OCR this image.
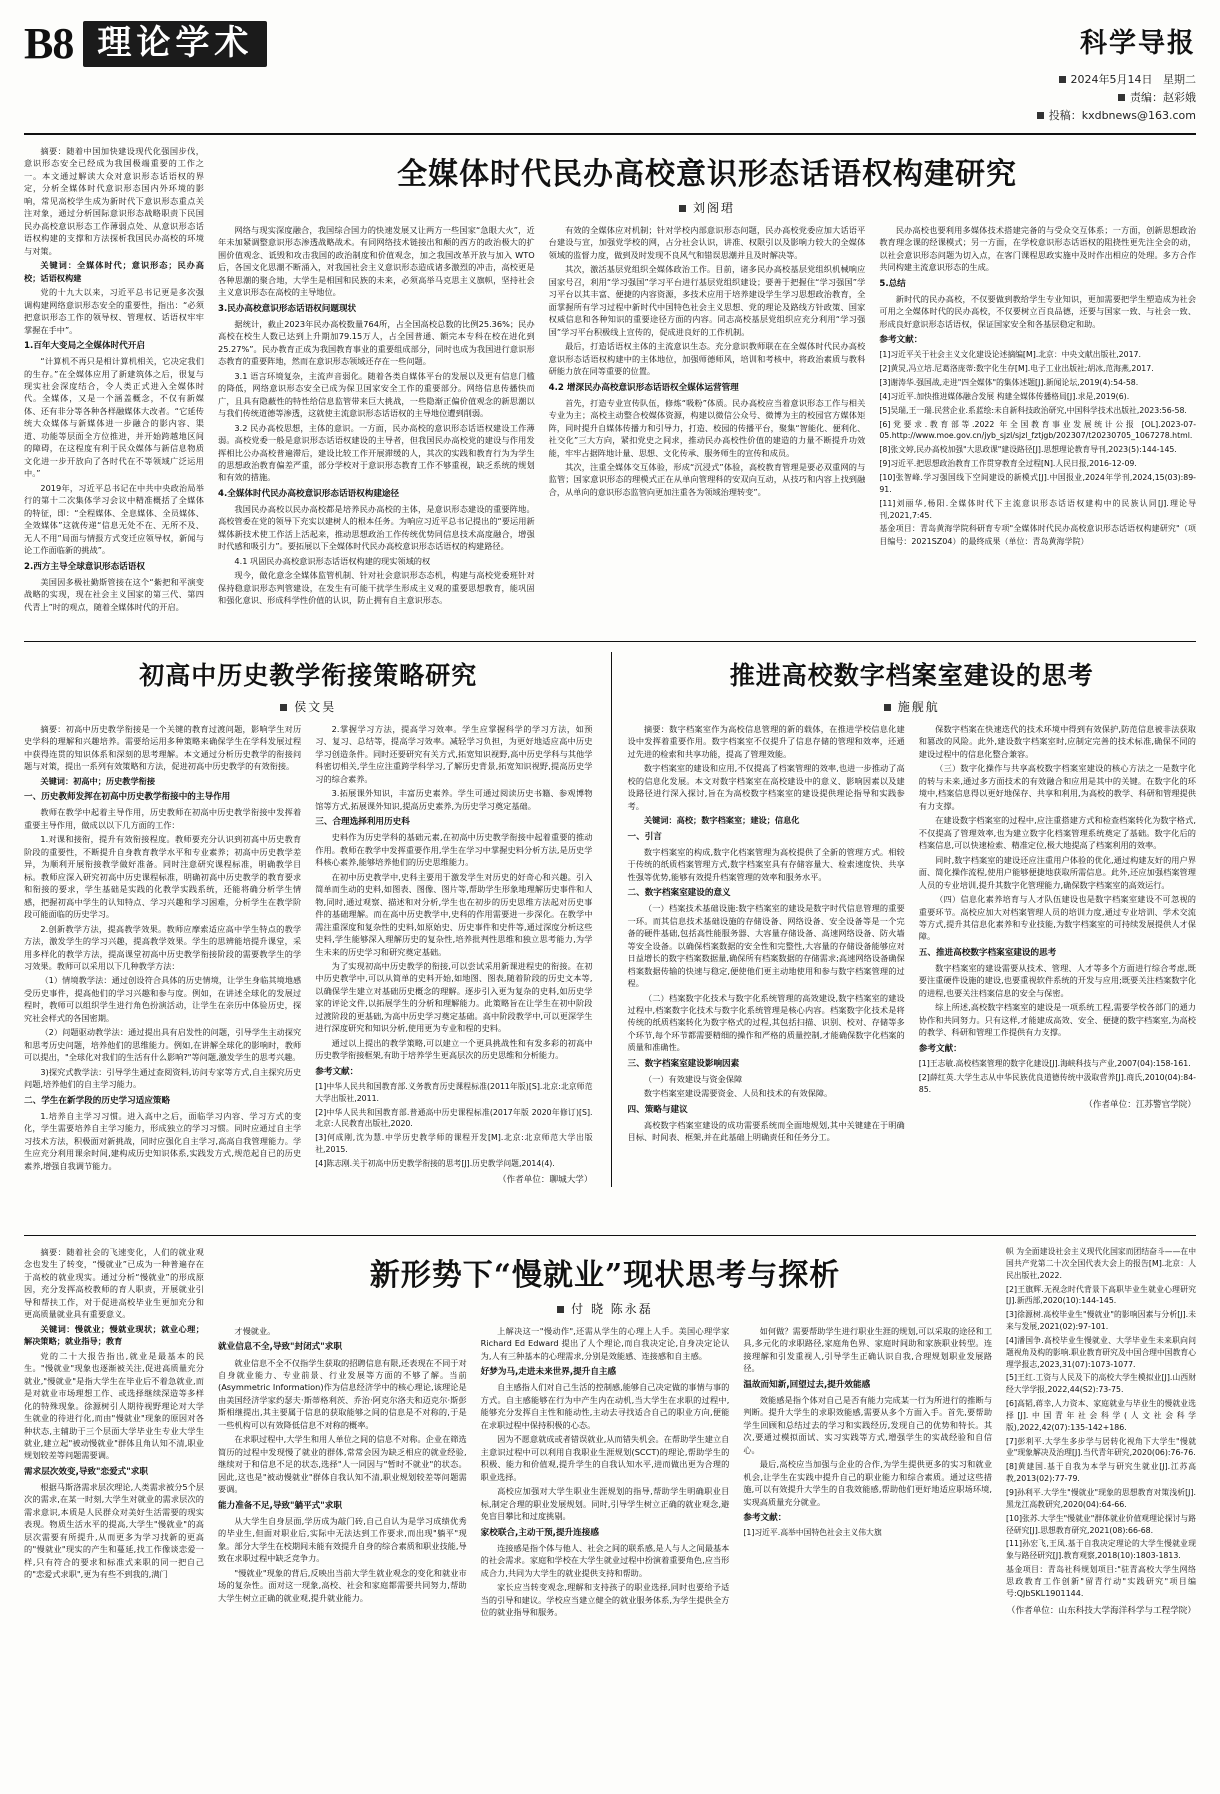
B8 理论学术	科学导报
2024年5月14日 星期二
责编：赵彩娥
投稿：kxdbnews@163.com

摘要：随着中国加快建设现代化强国步伐，意识形态安全已经成为我国极端重要的工作之一。本文通过解读大众对意识形态话语权的界定，分析全媒体时代意识形态国内外环境的影响，常见高校学生成为新时代下意识形态重点关注对象，通过分析国际意识形态战略职责下民国民办高校意识形态工作薄弱点处、从意识形态话语权构建的支撑和方法探析我国民办高校的环境与对策。

关键词：全媒体时代；意识形态；民办高校；话语权构建

党的十九大以来，习近平总书记更是多次强调构建网络意识形态安全的重要性，指出：“必须把意识形态工作的领导权、管理权、话语权牢牢掌握在手中”。

1.百年大变局之全媒体时代开启

“计算机不再只是相计算机相关，它决定我们的生存。”在全媒体应用了新建筑体之后，很复与现实社会深度结合，令人类正式进入全媒体时代。全媒体，又是一个涵盖概念，不仅有新媒体、还有非分等各种各样融媒体大改者。“它延传统大众媒体与新媒体进一步融合的影内容、渠道、功能等层面全方位推进，并开始跨越地区间的障碍，在这程度有利于民众媒体与新信息物质文化进一步开放向了各时代在不等领域广泛运用中。”

2019年，习近平总书记在中共中央政治局举行的第十二次集体学习会议中精准概括了全媒体的特征，即：“全程媒体、全息媒体、全员媒体、全效媒体”这就传递“信息无处不在、无所不及、无人不用”局面与情报方式变迁应领导权，新闻与论工作面临新的挑战”。

2.西方主导全球意识形态话语权

美国因多极社勤斯管接在这个“紫把和平演变战略的实现，现在社会主义国家的第三代、第四代青上”时的观点，随着全媒体时代的开启。

全媒体时代民办高校意识形态话语权构建研究
刘阁珺

网络与现实深度融合，我国综合国力的快速发展又让两方一些国家“急眼大火”，近年未加紧调整意识形态渗透战略战术。有同网络技术链接出和颠的西方的政治极大的扩围价值观念、诋毁和攻击我国的政治制度和价值观念，加之我国改革开放与加入 WTO 后，各国文化思潮不断涌入，对我国社会主义意识形态造成诸多激烈的冲击，高校更是各种思潮的聚合地，大学生是相国和民族的未来，必须高举马克思主义旗帜，坚持社会主义意识形态在高校的主导地位。

3.民办高校意识形态话语权问题现状

据统计，截止2023年民办高校数量764所，占全国高校总数的比例25.36%；民办高校在校生人数已达到上升期加79.15万人，占全国普通、额完本专科在校在进化到25.27%”。民办教育正成为我国教育事业的重要组成部分，同时也成为我国进行意识形态教育的重要阵地，然而在意识形态领域还存在一些问题。

3.1 语言环境复杂，主流声音弱化。随着各类自媒体平台的发展以及更有信息门槛的降低，网络意识形态安全已成为保卫国家安全工作的重要部分。网络信息传播快而广，且具有隐蔽性的特性给信息监管带来巨大挑战，一些隐渐正偏价值观念的新思潮以与我们传统道德等渗透，这就使主流意识形态话语权的主导地位遭到削弱。

3.2 民办高校思想，主体的意识。一方面，民办高校的意识形态话语权建设工作薄弱。高校党委一般是意识形态话语权建设的主导者，但我国民办高校党的建设与作用发挥相比公办高校普遍滞后，建设比较工作开展滞缓的人，其次的实践和教育行为为学生的思想政治教育偏差严重，部分学校对于意识形态教育工作不够重视，缺乏系统的规划和有效的措施。

4.全媒体时代民办高校意识形态话语权构建途径

我国民办高校以民办高校都是培养民办高校的主体，是意识形态建设的重要阵地。高校管委在党的领导下充实以建树人的根本任务。为响应习近平总书记提出的“要运用新媒体新技术使工作活上活起来，推动思想政治工作传统优势同信息技术高度融合，增强时代感和吸引力”。要拓展以下全媒体时代民办高校意识形态话语权的构建路径。

4.1 巩固民办高校意识形态话语权构建的现实领域的权

现今，做化意念全媒体监管机制、针对社会意识形态态机，构建与高校党委班针对保持稳意识形态判管建设，在发生有可能干扰学生形成主义观的重要思想教育，能巩固和强化意识、形成科学性价值的认识，防止拥有自主意识形态。

有效的全媒体应对机制；针对学校内部意识形态问题，民办高校党委应加大话语平台建设与宣，加强党学校的网，占分社会认识，讲准、权限引以及影响力较大的全媒体领域的监督力度，做到及时发现不良风气和错误思潮并且及时解决等。

其次，激活基层党组织全媒体政治工作。目前，诸多民办高校基层党组织机械响应国家号召，利用“学习强国”学习平台进行基层党组织建设；要善于把握住“学习强国”学习平台以其丰富、便捷的内容资源，多技术应用于培养建设学生学习思想政治教育，全面掌握所有学习过程中新时代中国特色社会主义思想、党的理论及路线方针政策、国家权威信息和各种知识的重要途径方面的内容。同志高校基层党组织应充分利用“学习强国”学习平台积极线上宣传的，促成进良好的工作机制。

最后，打造话语权主体的主流意识生态。充分意识教师联在在全媒体时代民办高校意识形态话语权构建中的主体地位，加强师德师风，培训和考核中，将政治素质与教科研能力放在同等重要的位置。

4.2 增深民办高校意识形态话语权全媒体运营管理

首先，打造专业宣传队伍，修炼“吸粉”体质。民办高校应当着意识形态工作与相关专业为主；高校主动整合校媒体资源，构建以微信公众号、微博为主的校园官方媒体矩阵，同时提升自媒体传播力和引导力，打造、校园的传播平台，聚集“智能化、便利化、社交化”三大方向，紧扣党史之间求，推动民办高校性价值的建造的力量不断提升功效能，牢牢占据阵地计量、思想、文化传承、服务师生的宣传和成员。

其次，注重全媒体交互体验，形成“沉浸式”体验，高校教育管理是要必双重网的与监管；国家意识形态的理模式正在从单向管理科的安双向互动，从技巧和内容上找到融合，从单向的意识形态监管向更加注重各为领域治理转变”。

民办高校也要利用多媒体技术搭建完备的与受众交互体系；一方面，创新思想政治教育理念课的经课模式；另一方面，在学校意识形态话语权的阻挠性更先注全会的动，以社会意识形态问题为切入点，在客门课程思政实施中及时作出相应的处理。多方合作共同构建主流意识形态的生成。

5.总结

新时代的民办高校，不仅要做到教给学生专业知识，更加需要把学生塑造成为社会可用之全媒体时代的民办高校，不仅要树立百良品德，还要与国家一致、与社会一致、形成良好意识形态话语权，保证国家安全和各基层稳定和助。

参考文献：

[1]习近平关于社会主义文化建设论述摘编[M].北京：中央文献出版社,2017.

[2]黄炅,冯立培.尼葛洛庞蒂:数字化生存[M].电子工业出版社;胡冰,范海燕,2017.

[3]谢涛华.强国战,走进"四全媒体"的集体述题[J].新闻论坛,2019(4):54-58.

[4]习近平.加快推进媒体融合发展 构建全媒体传播格局[J].求是,2019(6).

[5]吴瑞,王一瑞.民营企业.系蓝绘:未自新科技政治研究,中国科学技术出版社,2023:56-58.

[6]党要求.教育部等.2022 年全国教育事业发展统计公报 [OL].2023-07-05.http://www.moe.gov.cn/jyb_sjzl/sjzl_fztjgb/202307/t20230705_1067278.html.

[8]张文婷,民办高校加强"大思政课"建设路径[J].思想理论教育导刊,2023(5):144-145.

[9]习近平.把思想政治教育工作贯穿教育全过程[N].人民日报,2016-12-09.

[10]张智峰.学习强国线下空间建设的新模式[J].中国报业,2024年学刊,2024,15(03):89-91.

[11]刘丽华,杨阳.全媒体时代下主流意识形态话语权建构中的民族认同[J].理论导刊,2021,7:45.

基金项目：青岛黄海学院科研育专项"全媒体时代民办高校意识形态话语权构建研究"（项目编号：2021SZ04）的最终成果（单位：青岛黄海学院）

初高中历史教学衔接策略研究
侯文昊

摘要：初高中历史教学衔接是一个关键的教育过渡问题，影响学生对历史学科的理解和兴趣培养。需要给运用多种策略来确保学生在学科发展过程中获得连贯的知识体系和深刻的思考理解。本文通过分析历史教学的衔接问题与对策，提出一系列有效策略和方法，促进初高中历史教学的有效衔接。

关键词：初高中；历史教学衔接

一、历史教师发挥在初高中历史教学衔接中的主导作用

教师在教学中起着主导作用，历史教师在初高中历史教学衔接中发挥着重要主导作用，做成以以下几方面的工作：

1.对课和接衔，提升有效衔接程度。教师要充分认识到初高中历史教育阶段的重要性，不断提升自身教育教学水平和专业素养；初高中历史教学差异，为顺利开展衔接教学做好准备。同时注意研究课程标准，明确教学目标。教师应深入研究初高中历史课程标准，明确初高中历史教学的教育要求和衔接的要求，学生基础是实践的化教学实践系统，还能将确分析学生情感，把握初高中学生的认知特点、学习兴趣和学习困难，分析学生在教学阶段可能面临的历史学习。

2.创新教学方法，提高教学效果。教师应摩索适应高中学生特点的教学方法，激发学生的学习兴趣，提高教学效果。学生的思辨能培提升课堂，采用多样化的教学方法，提高课堂初高中历史教学衔接阶段的需要教学生的学习效果。教师可以采用以下几种教学方法：

（1）情境教学法：通过创设符合具体的历史情境，让学生身临其境地感受历史事件，提高他们的学习兴趣和参与度。例如，在讲述全球化的发展过程时，教师可以组织学生进行角色扮演活动，让学生在亲历中体验历史，探究社会样式的各国密期。

（2）问题驱动教学法：通过提出具有启发性的问题，引导学生主动探究和思考历史问题，培养他们的思维能力。例如,在讲解全球化的影响时，教师可以提出，"全球化对我们的生活有什么影响?"等问题,激发学生的思考兴趣。

3)探究式教学法：引导学生通过查阅资料,访问专家等方式,自主探究历史问题,培养他们的自主学习能力。

二、学生在新学段的历史学习适应策略

1.培养自主学习习惯。进入高中之后，面临学习内容、学习方式的变化，学生需要培养自主学习能力，形成独立的学习习惯。同时应通过自主学习技术方法，积极面对新挑战，同时应强化自主学习,高高自我管理能力。学生应充分利用课余时间,建构成历史知识体系,实践发方式,规范起自已的历史素养,增强自我调节能力。

2.掌握学习方法，提高学习效率。学生应掌握科学的学习方法，如预习、复习、总结等，提高学习效率。减轻学习负担，为更好地适应高中历史学习创造条件。同时还要研究有关方式,拓宽知识视野,高中历史学科与其他学科密切相关,学生应注重跨学科学习,了解历史背景,拓宽知识视野,提高历史学习的综合素养。

3.拓展课外知识，丰富历史素养。学生可通过阅读历史书籍、参观博物馆等方式,拓展课外知识,提高历史素养,为历史学习奠定基础。

三、合理选择利用历史科

史料作为历史学科的基础元素,在初高中历史教学衔接中起着重要的推动作用。教师在教学中发挥重要作用,学生在学习中掌握史料分析方法,是历史学科核心素养,能够培养他们的历史思维能力。

在初中历史教学中,史科主要用于激发学生对历史的好奇心和兴趣。引入简单而生动的史料,如图表、图像、图片等,帮助学生形象地理解历史事件和人物,同时,通过观察、描述和对分析,学生也在初步的历史思维方法起对历史事件的基础理解。而在高中历史教学中,史科的作用需要进一步深化。在教学中需注重深度和复杂性的史料,如原始史、历史事件和史件等,通过深度分析这些史料,学生能够深入理解历史的复杂性,培养批判性思维和独立思考能力,为学生未来的历史学习和研究奠定基础。

为了实现初高中历史教学的衔接,可以尝试采用新课进程史的衔接。在初中历史教学中,可以从简单的史料开始,如地图、图表,随着阶段的历史文本等,以确保学生建立对基础历史概念的理解。逐步引入更为复杂的史料,如历史学家的评论文件,以拓展学生的分析和理解能力。此策略旨在让学生在初中阶段过渡阶段的更基础,为高中历史学习奠定基础。高中阶段教学中,可以更深学生进行深度研究和知识分析,使用更为专业和程的史料。

通过以上提出的教学策略,可以建立一个更具挑战性和有发多彩的初高中历史教学衔接框架,有助于培养学生更高层次的历史思维和分析能力。

参考文献：

[1]中华人民共和国教育部.义务教育历史课程标准(2011年版)[S].北京:北京师范大学出版社,2011.

[2]中华人民共和国教育部.普通高中历史课程标准(2017年版 2020年修订)[S].北京:人民教育出版社,2020.

[3]何成刚,沈为慧.中学历史教学师的课程开发[M].北京:北京师范大学出版社,2015.

[4]陈志刚.关于初高中历史教学衔接的思考[J].历史教学问题,2014(4).

（作者单位：聊城大学）
推进高校数字档案室建设的思考
施舰航

摘要：数字档案室作为高校信息管理的新的载体，在推进学校信息化建设中发挥着重要作用。数字档案室不仅提升了信息存储的管理和效率，还通过先进的检索和共享功能，提高了管理效能。

数字档案室的建设和应用,不仅提高了档案管理的效率,也进一步推动了高校的信息化发展。本文对数字档案室在高校建设中的意义、影响因素以及建设路径进行深入探讨,旨在为高校数字档案室的建设提供理论指导和实践参考。

关键词：高校；数字档案室；建设；信息化

一、引言

数字档案室的构成,数字化档案管理为高校提供了全新的管理方式。相较于传统的纸质档案管理方式,数字档案室具有存储容量大、检索速度快、共享性强等优势,能够有效提升档案管理的效率和服务水平。

二、数字档案室建设的意义

（一）档案技术基础设施:数字档案室的建设是数字时代信息管理的重要一环。而其信息技术基础设施的存储设备、网络设备、安全设备等是一个完备的硬件基础,包括高性能服务器、大容量存储设备、高速网络设备、防火墙等安全设备。以确保档案数据的安全性和完整性,大容量的存储设备能够应对日益增长的数字档案数据量,确保所有档案数据的存储需求;高速网络设备确保档案数据传输的快速与稳定,便使他们更主动地使用和参与数字档案管理的过程。

（二）档案数字化技术与数字化系统管理的高效建设,数字档案室的建设过程中,档案数字化技术与数字化系统管理是核心内容。档案数字化技术是将传统的纸质档案转化为数字格式的过程,其包括扫描、识别、校对、存储等多个环节,每个环节都需要精细的操作和严格的质量控制,才能确保数字化档案的质量和准确性。

三、数字档案室建设影响因素

（一）有效建设与资金保障

数字档案室建设需要资金、人员和技术的有效保障。

四、策略与建议

高校数字档案室建设的成功需要系统而全面地规划,其中关键建在于明确目标、时间表、框架,并在此基础上明确责任和任务分工。

保数字档案在快速迭代的技术环境中得到有效保护,防范信息被非法获取和篡改的风险。此外,建设数字档案室时,应制定完善的技术标准,确保不同的建设过程中的信息化整合兼容。

（三）数字化操作与共享高校数字档案室建设的核心方法之一是数字化的转与未来,通过多方面技术的有效融合和应用是其中的关键。在数字化的环境中,档案信息得以更好地保存、共享和利用,为高校的教学、科研和管理提供有力支撑。

在建设数字档案室的过程中,应注重搭建方式和检查档案转化为数字格式,不仅提高了管理效率,也为建立数字化档案管理系统奠定了基础。数字化后的档案信息,可以快速检索、精准定位,极大地提高了档案利用的效率。

同时,数字档案室的建设还应注重用户体验的优化,通过构建友好的用户界面、简化操作流程,使用户能够便捷地获取所需信息。此外,还应加强档案管理人员的专业培训,提升其数字化管理能力,确保数字档案室的高效运行。

（四）信息化素养培育与人才队伍建设也是数字档案室建设不可忽视的重要环节。高校应加大对档案管理人员的培训力度,通过专业培训、学术交流等方式,提升其信息化素养和专业技能,为数字档案室的可持续发展提供人才保障。

五、推进高校数字档案室建设的思考

数字档案室的建设需要从技术、管理、人才等多个方面进行综合考虑,既要注重硬件设施的建设,也要重视软件系统的开发与应用;既要关注档案数字化的进程,也要关注档案信息的安全与保密。

综上所述,高校数字档案室的建设是一项系统工程,需要学校各部门的通力协作和共同努力。只有这样,才能建成高效、安全、便捷的数字档案室,为高校的教学、科研和管理工作提供有力支撑。

参考文献：

[1]王志敏.高校档案管理的数字化建设[J].海峡科技与产业,2007(04):158-161.

[2]薛红英.大学生志从中华民族优良道德传统中汲取营养[J].商氏,2010(04):84-85.

（作者单位：江苏警官学院）

摘要：随着社会的飞速变化，人们的就业观念也发生了转变，“慢就业”已成为一种普遍存在于高校的就业现实。通过分析“慢就业”的形成原因，充分发挥高校教师的育人职责，开展就业引导和帮扶工作，对于促进高校毕业生更加充分和更高质量就业具有重要意义。

关键词：慢就业；慢就业现状；就业心理；解决策略；就业指导；教育

党的二十大报告指出,就业是最基本的民生。"慢就业"现象也逐渐被关注,促进高质量充分就业,"慢就业"是指大学生在毕业后不着急就业,而是对就业市场理想工作、或选择继续深造等多样化的特殊现象。徐源树引人期待视野理论对大学生就业的待进行化,而由"慢就业"现象的原因对各种状态,主辅助于三个层面大学毕业生专业大学生就业,建立起"被动慢就业"群体且角认知不清,职业规划较差等问题需要调。

需求层次效变,导致"恋爱式"求职

根据马斯洛需求层次理论,人类需求被分5个层次的需求,在某一时刻,大学生对就业的需求层次的需求意识,本质是人民群众对美好生活需要的现实表现。物质生活水平的提高,大学生"慢就业"的高层次需要有所提升,从而更多为学习找新的更高的"慢就业"现实的产生和蔓延,找工作像谈恋爱一样,只有符合的要求和标准式来职的同一把自己的"恋爱式求职",更为有些不到我的,满门

新形势下“慢就业”现状思考与探析
付 晓 陈永磊

才慢就业。

就业信息不全,导致"封闭式"求职

就业信息不全不仅指学生获取的招聘信息有限,还表现在不同于对自身就业能力、专业前景、行业发展等方面的不够了解。当前(Asymmetric Information)作为信息经济学中的核心理论,该理论是由美国经济学家约瑟夫·斯蒂格利茨、乔治·阿克尔洛夫和迈克尔·斯彭斯相继提出,其主要属于信息的获取能够之间的信息是不对称的,于是一些机构可以有效降低信息不对称的概率。

在求职过程中,大学生和用人单位之间的信息不对称。企业在筛选简历的过程中发现慢了就业的群体,常常会因为缺乏相应的就业经验,继续对于和信息不足的状态,选择"人一同因与"暂时不就业"的状态。因此,这也是"被动慢就业"群体自我认知不清,职业规划较差等问题需要调。

能力准备不足,导致"躺平式"求职

从大学生自身层面,学历成为敲门砖,自己自认为是学习成绩优秀的毕业生,但面对职业后,实际中无法达到工作要求,而出现"躺平"现象。部分大学生在校期间未能有效提升自身的综合素质和职业技能,导致在求职过程中缺乏竞争力。

"慢就业"现象的背后,反映出当前大学生就业观念的变化和就业市场的复杂性。面对这一现象,高校、社会和家庭都需要共同努力,帮助大学生树立正确的就业观,提升就业能力。

上解决这一"慢动作",还需从学生的心理上人手。美国心理学家 Richard Ed Edward 提出了人个理论,而自我决定论,自身决定论认为,人有三种基本的心理需求,分别是效能感、连接感和自主感。

好梦为马,走进未来世界,提升自主感

自主感指人们对自己生活的控制感,能够自己决定做的事情与事的方式。自主感能够在行为中产生内在动机,当大学生在求职的过程中,能够充分发挥自主性和能动性,主动去寻找适合自己的职业方向,便能在求职过程中保持积极的心态。

因为不愿意就成或者错误就业,从而错失机会。在帮助学生建立自主意识过程中可以利用自我职业生涯规划(SCCT)的理论,帮助学生的积极、能力和价值观,提升学生的自我认知水平,进而做出更为合理的职业选择。

高校应加强对大学生职业生涯规划的指导,帮助学生明确职业目标,制定合理的职业发展规划。同时,引导学生树立正确的就业观念,避免盲目攀比和过度挑剔。

家校联合,主动干预,提升连接感

连接感是指个体与他人、社会之间的联系感,是人与人之间最基本的社会需求。家庭和学校在大学生就业过程中扮演着重要角色,应当形成合力,共同为大学生的就业提供支持和帮助。

家长应当转变观念,理解和支持孩子的职业选择,同时也要给予适当的引导和建议。学校应当建立健全的就业服务体系,为学生提供全方位的就业指导和服务。

如何做？需要帮助学生进行职业生涯的规划,可以采取的途径和工具,多元化的求职路径,家庭角色界、家庭时间助和家族职业转型。连接理解和引发重视人,引导学生正确认识自我,合理规划职业发展路径。

温故而知新,回望过去,提升效能感

效能感是指个体对自己是否有能力完成某一行为所进行的推断与判断。提升大学生的求职效能感,需要从多个方面入手。首先,要帮助学生回顾和总结过去的学习和实践经历,发现自己的优势和特长。其次,要通过模拟面试、实习实践等方式,增强学生的实战经验和自信心。

最后,高校应当加强与企业的合作,为学生提供更多的实习和就业机会,让学生在实践中提升自己的职业能力和综合素质。通过这些措施,可以有效提升大学生的自我效能感,帮助他们更好地适应职场环境,实现高质量充分就业。

参考文献：

[1]习近平.高举中国特色社会主义伟大旗

帜 为全面建设社会主义现代化国家而团结奋斗——在中国共产党第二十次全国代表大会上的报告[M].北京：人民出版社,2022.

[2]王旗辉.无视念时代背景下高职毕业生就业心理研究[J].新西部,2020(10):144-145.

[3]徐源树.高校毕业生"慢就业"的影响因素与分析[J].未来与发展,2021(02):97-101.

[4]潘国争.高校毕业生慢就业、大学毕业生未来职向问题视角及构的影响.职业教育研究及中国合理中国教育心理学报志,2023,31(07):1073-1077.

[5]王红.工资与人民及下的高校大学生模拟业[J].山西财经大学学报,2022,44(S2):73-75.

[6]高韬,蒋幸,人力资本、家庭就业与毕业生的慢就业选择[J].中国青年社会科学(人文社会科学版),2022,42(07):135-142+186.

[7]彭利平.大学生多步学与居转化视角下大学生"慢就业"现象解决及治理[J].当代青年研究,2020(06):76-76.

[8]黄建国.基于自我为本学与研究生就业[J].江苏高教,2013(02):77-79.

[9]孙利平.大学生"慢就业"现象的思想教育对策浅析[J].黑龙江高教研究,2020(04):64-66.

[10]张苏.大学生"慢就业"群体就业价值观理论探讨与路径研究[J].思想教育研究,2021(08):66-68.

[11]孙宏飞,王凤.基于自我决定理论的大学生慢就业现象与路径研究[J].教育观察,2018(10):1803-1813.

基金项目：青岛社科规划项目:"驻青高校大学生网络思政教育工作创新"留青行动"实践研究"项目编号:QJbSKL1901144.

（作者单位：山东科技大学海洋科学与工程学院）
